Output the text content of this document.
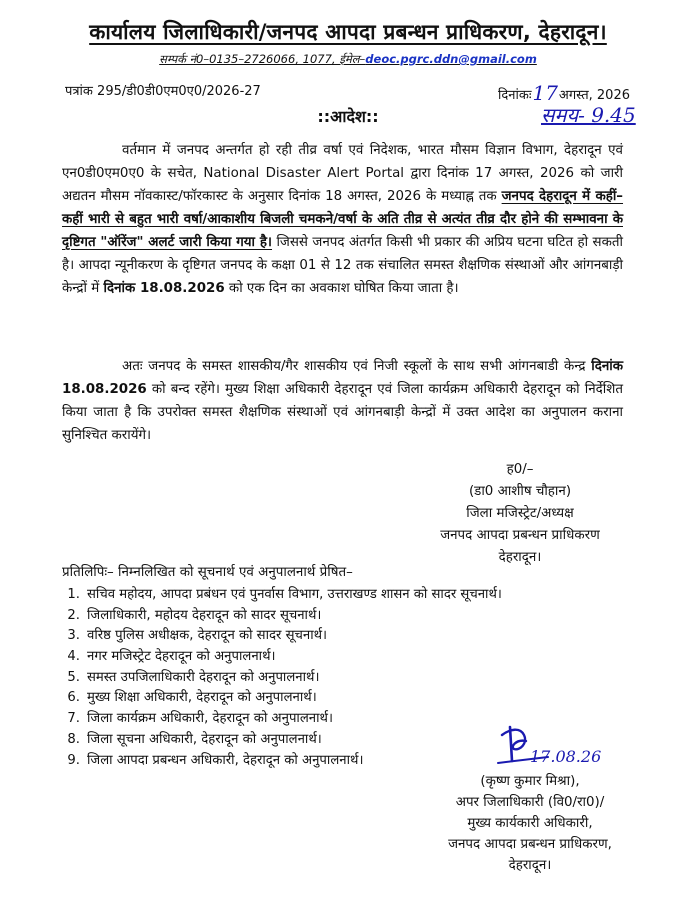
कार्यालय जिलाधिकारी/जनपद आपदा प्रबन्धन प्राधिकरण, देहरादून।
सम्पर्क नं0–0135–2726066, 1077, ईमेल–deoc.pgrc.ddn@gmail.com
पत्रांक 295/डी0डी0एम0ए0/2026-27	दिनांकः17अगस्त, 2026
::आदेश::	समय- 9.45

वर्तमान में जनपद अन्तर्गत हो रही तीव्र वर्षा एवं निदेशक, भारत मौसम विज्ञान विभाग, देहरादून एवं एन0डी0एम0ए0 के सचेत, National Disaster Alert Portal द्वारा दिनांक 17 अगस्त, 2026 को जारी अद्यतन मौसम नॉवकास्ट/फॉरकास्ट के अनुसार दिनांक 18 अगस्त, 2026 के मध्याह्न तक जनपद देहरादून में कहीं–कहीं भारी से बहुत भारी वर्षा/आकाशीय बिजली चमकने/वर्षा के अति तीव्र से अत्यंत तीव्र दौर होने की सम्भावना के दृष्टिगत "ऑरेंज" अलर्ट जारी किया गया है। जिससे जनपद अंतर्गत किसी भी प्रकार की अप्रिय घटना घटित हो सकती है। आपदा न्यूनीकरण के दृष्टिगत जनपद के कक्षा 01 से 12 तक संचालित समस्त शैक्षणिक संस्थाओं और आंगनबाड़ी केन्द्रों में दिनांक 18.08.2026 को एक दिन का अवकाश घोषित किया जाता है।

अतः जनपद के समस्त शासकीय/गैर शासकीय एवं निजी स्कूलों के साथ सभी आंगनबाडी केन्द्र दिनांक 18.08.2026 को बन्द रहेंगे। मुख्य शिक्षा अधिकारी देहरादून एवं जिला कार्यक्रम अधिकारी देहरादून को निर्देशित किया जाता है कि उपरोक्त समस्त शैक्षणिक संस्थाओं एवं आंगनबाड़ी केन्द्रों में उक्त आदेश का अनुपालन कराना सुनिश्चित करायेंगे।

ह0/–
(डा0 आशीष चौहान)
जिला मजिस्ट्रेट/अध्यक्ष
जनपद आपदा प्रबन्धन प्राधिकरण
देहरादून।
प्रतिलिपिः– निम्नलिखित को सूचनार्थ एवं अनुपालनार्थ प्रेषित–
1. सचिव महोदय, आपदा प्रबंधन एवं पुनर्वास विभाग, उत्तराखण्ड शासन को सादर सूचनार्थ।
2. जिलाधिकारी, महोदय देहरादून को सादर सूचनार्थ।
3. वरिष्ठ पुलिस अधीक्षक, देहरादून को सादर सूचनार्थ।
4. नगर मजिस्ट्रेट देहरादून को अनुपालनार्थ।
5. समस्त उपजिलाधिकारी देहरादून को अनुपालनार्थ।
6. मुख्य शिक्षा अधिकारी, देहरादून को अनुपालनार्थ।
7. जिला कार्यक्रम अधिकारी, देहरादून को अनुपालनार्थ।
8. जिला सूचना अधिकारी, देहरादून को अनुपालनार्थ।
9. जिला आपदा प्रबन्धन अधिकारी, देहरादून को अनुपालनार्थ।	17.08.26
(कृष्ण कुमार मिश्रा),
अपर जिलाधिकारी (वि0/रा0)/
मुख्य कार्यकारी अधिकारी,
जनपद आपदा प्रबन्धन प्राधिकरण,
देहरादून।
